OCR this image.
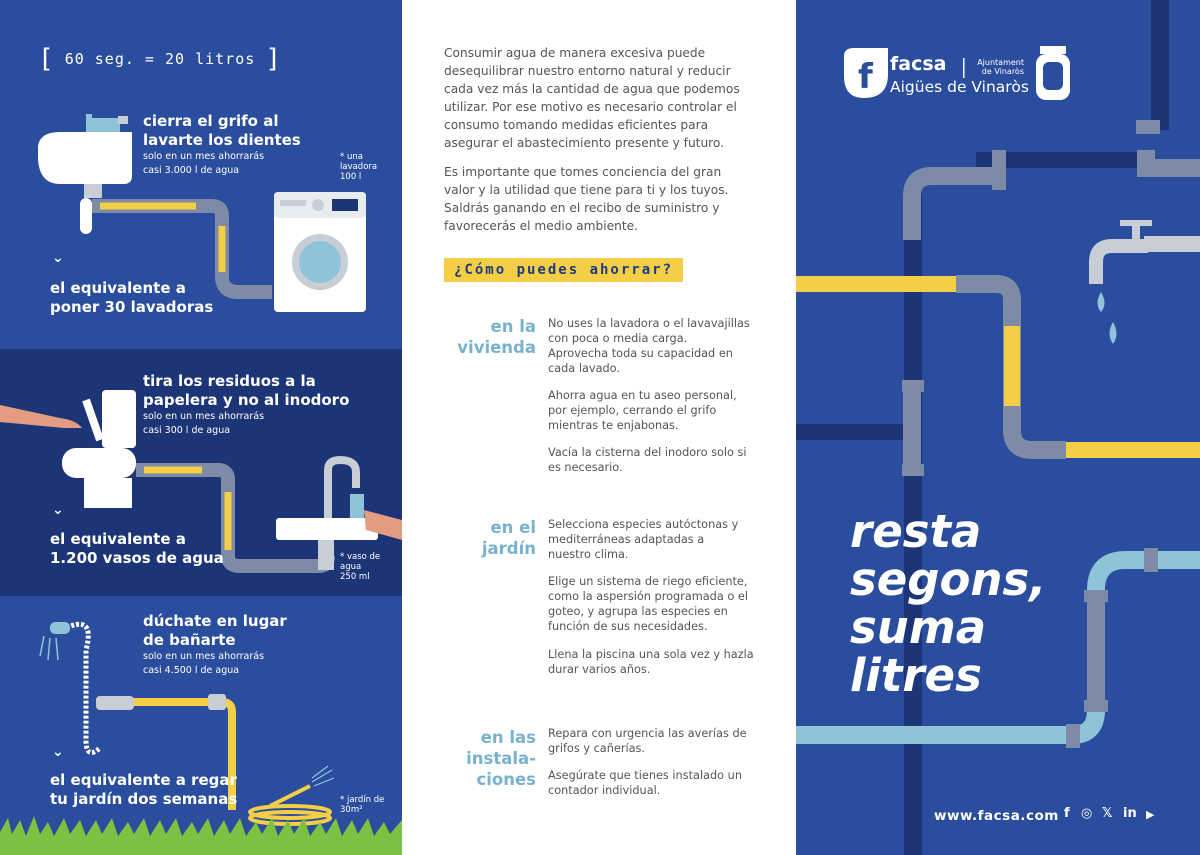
[ 60 seg. = 20 litros ]
cierra el grifo al
lavarte los dientes
solo en un mes ahorrarás
casi 3.000 l de agua
* una
lavadora
100 l
⌄
el equivalente a
poner 30 lavadoras
tira los residuos a la
papelera y no al inodoro
solo en un mes ahorrarás
casi 300 l de agua
* vaso de
agua
250 ml
⌄
el equivalente a
1.200 vasos de agua
dúchate en lugar
de bañarte
solo en un mes ahorrarás
casi 4.500 l de agua
* jardín de
30m²
⌄
el equivalente a regar
tu jardín dos semanas
Consumir agua de manera excesiva puede
desequilibrar nuestro entorno natural y reducir
cada vez más la cantidad de agua que podemos
utilizar. Por ese motivo es necesario controlar el
consumo tomando medidas eficientes para
asegurar el abastecimiento presente y futuro.
Es importante que tomes conciencia del gran
valor y la utilidad que tiene para ti y los tuyos.
Saldrás ganando en el recibo de suministro y
favorecerás el medio ambiente.
¿Cómo puedes ahorrar?
en la
vivienda
No uses la lavadora o el lavavajillas
con poca o media carga.
Aprovecha toda su capacidad en
cada lavado.
Ahorra agua en tu aseo personal,
por ejemplo, cerrando el grifo
mientras te enjabonas.
Vacía la cisterna del inodoro solo si
es necesario.
en el
jardín
Selecciona especies autóctonas y
mediterráneas adaptadas a
nuestro clima.
Elige un sistema de riego eficiente,
como la aspersión programada o el
goteo, y agrupa las especies en
función de sus necesidades.
Llena la piscina una sola vez y hazla
durar varios años.
en las
instala-
ciones
Repara con urgencia las averías de
grifos y cañerías.
Asegúrate que tienes instalado un
contador individual.
f facsa	Ajuntament
de Vinaròs
Aigües de Vinaròs
resta
segons,
suma
litres
www.facsa.com f ◎ 𝕏 in ▶
